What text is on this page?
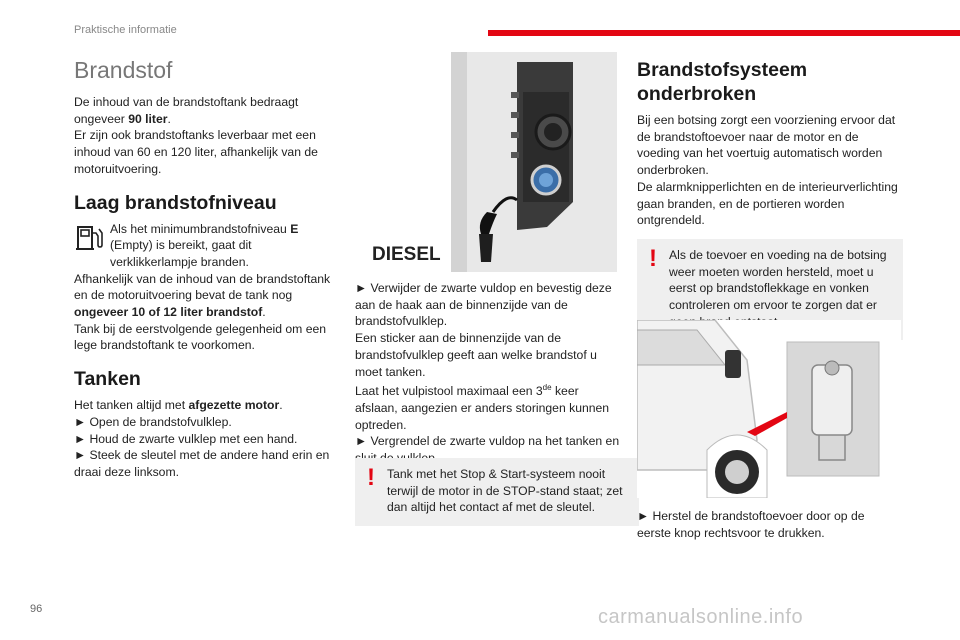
Praktische informatie
Brandstof

De inhoud van de brandstoftank bedraagt ongeveer 90 liter.
Er zijn ook brandstoftanks leverbaar met een inhoud van 60 en 120 liter, afhankelijk van de motoruitvoering.

Laag brandstofniveau
Als het minimumbrandstofniveau E (Empty) is bereikt, gaat dit verklikkerlampje branden.
Afhankelijk van de inhoud van de brandstoftank en de motoruitvoering bevat de tank nog ongeveer 10 of 12 liter brandstof.
Tank bij de eerstvolgende gelegenheid om een lege brandstoftank te voorkomen.
Tanken

Het tanken altijd met afgezette motor.
► Open de brandstofvulklep.
► Houd de zwarte vulklep met een hand.
► Steek de sleutel met de andere hand erin en draai deze linksom.

DIESEL

► Verwijder de zwarte vuldop en bevestig deze aan de haak aan de binnenzijde van de brandstofvulklep.

Een sticker aan de binnenzijde van de brandstofvulklep geeft aan welke brandstof u moet tanken.

Laat het vulpistool maximaal een 3de keer afslaan, aangezien er anders storingen kunnen optreden.

► Vergrendel de zwarte vuldop na het tanken en

! Tank met het Stop & Start-systeem nooit terwijl de motor in de STOP-stand staat; zet dan altijd het contact af met de sleutel.

Brandstofsysteem onderbroken

Bij een botsing zorgt een voorziening ervoor dat de brandstoftoevoer naar de motor en de voeding van het voertuig automatisch worden onderbroken.

De alarmknipperlichten en de interieurverlichting gaan branden, en de portieren worden ontgrendeld.

! Als de toevoer en voeding na de botsing weer moeten worden hersteld, moet u eerst op brandstoflekkage en vonken controleren om ervoor te zorgen dat er

► Herstel de brandstoftoevoer door op de eerste knop rechtsvoor te drukken.
96	carmanualsonline.info
